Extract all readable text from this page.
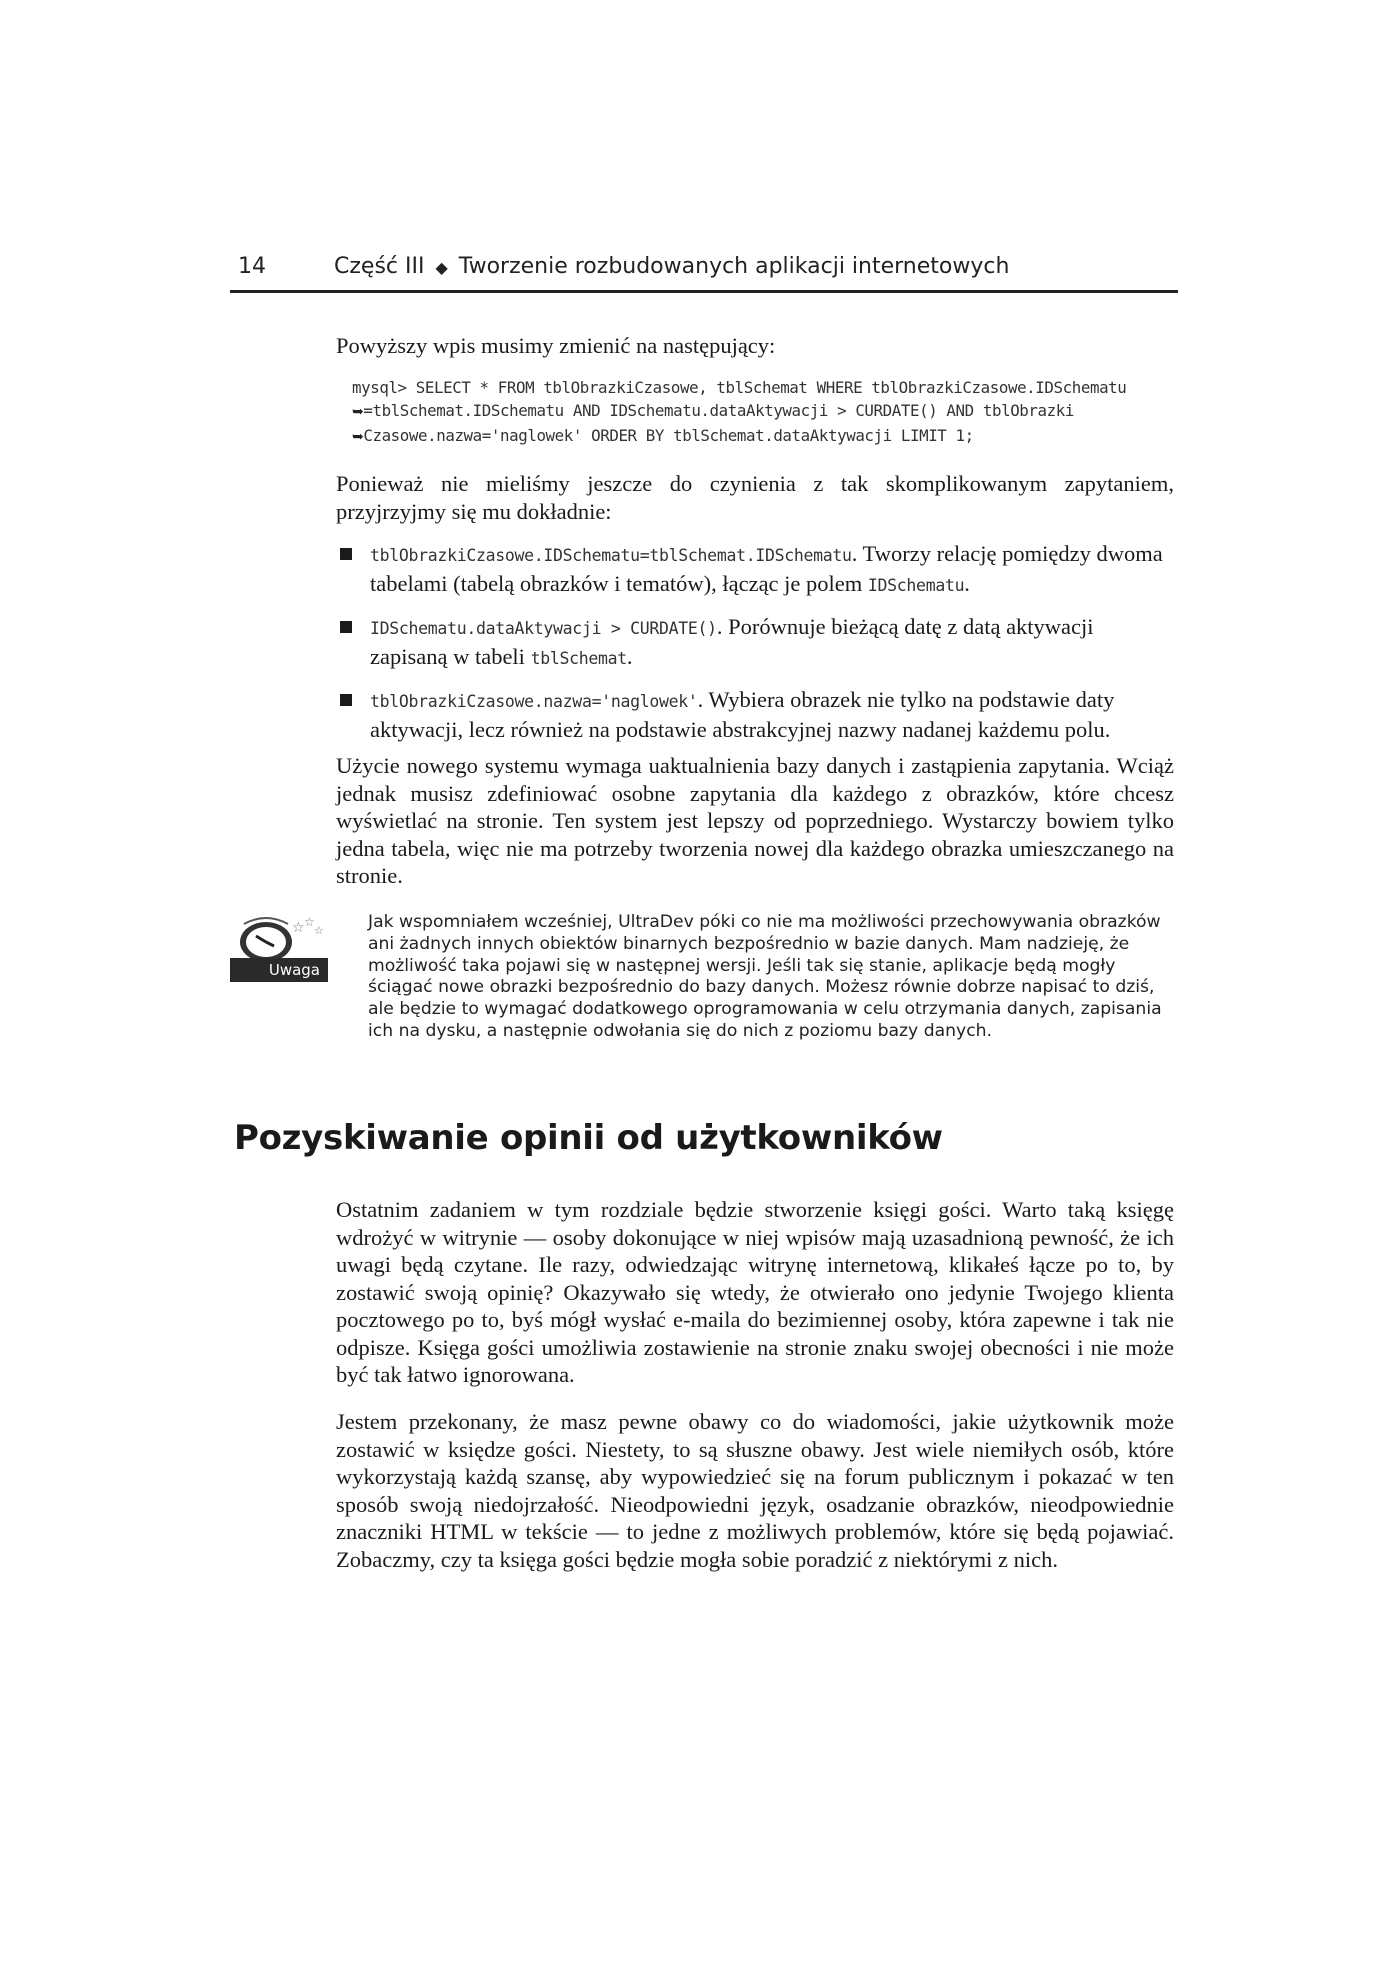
14	Część III ◆ Tworzenie rozbudowanych aplikacji internetowych

Powyższy wpis musimy zmienić na następujący:

mysql> SELECT * FROM tblObrazkiCzasowe, tblSchemat WHERE tblObrazkiCzasowe.IDSchematu
➥=tblSchemat.IDSchematu AND IDSchematu.dataAktywacji > CURDATE() AND tblObrazki
➥Czasowe.nazwa='naglowek' ORDER BY tblSchemat.dataAktywacji LIMIT 1;

Ponieważ nie mieliśmy jeszcze do czynienia z tak skomplikowanym zapytaniem, przyjrzyjmy się mu dokładnie:

tblObrazkiCzasowe.IDSchematu=tblSchemat.IDSchematu. Tworzy relację pomiędzy dwoma tabelami (tabelą obrazków i tematów), łącząc je polem IDSchematu.
IDSchematu.dataAktywacji > CURDATE(). Porównuje bieżącą datę z datą aktywacji zapisaną w tabeli tblSchemat.
tblObrazkiCzasowe.nazwa='naglowek'. Wybiera obrazek nie tylko na podstawie daty aktywacji, lecz również na podstawie abstrakcyjnej nazwy nadanej każdemu polu.

Użycie nowego systemu wymaga uaktualnienia bazy danych i zastąpienia zapytania. Wciąż jednak musisz zdefiniować osobne zapytania dla każdego z obrazków, które chcesz wyświetlać na stronie. Ten system jest lepszy od poprzedniego. Wystarczy bowiem tylko jedna tabela, więc nie ma potrzeby tworzenia nowej dla każdego obrazka umieszczanego na stronie.

☆ ☆
☆
Uwaga
Jak wspomniałem wcześniej, UltraDev póki co nie ma możliwości przechowywania obrazków ani żadnych innych obiektów binarnych bezpośrednio w bazie danych. Mam nadzieję, że możliwość taka pojawi się w następnej wersji. Jeśli tak się stanie, aplikacje będą mogły ściągać nowe obrazki bezpośrednio do bazy danych. Możesz równie dobrze napisać to dziś, ale będzie to wymagać dodatkowego oprogramowania w celu otrzymania danych, zapisania ich na dysku, a następnie odwołania się do nich z poziomu bazy danych.
Pozyskiwanie opinii od użytkowników

Ostatnim zadaniem w tym rozdziale będzie stworzenie księgi gości. Warto taką księgę wdrożyć w witrynie — osoby dokonujące w niej wpisów mają uzasadnioną pewność, że ich uwagi będą czytane. Ile razy, odwiedzając witrynę internetową, klikałeś łącze po to, by zostawić swoją opinię? Okazywało się wtedy, że otwierało ono jedynie Twojego klienta pocztowego po to, byś mógł wysłać e-maila do bezimiennej osoby, która zapewne i tak nie odpisze. Księga gości umożliwia zostawienie na stronie znaku swojej obecności i nie może być tak łatwo ignorowana.

Jestem przekonany, że masz pewne obawy co do wiadomości, jakie użytkownik może zostawić w księdze gości. Niestety, to są słuszne obawy. Jest wiele niemiłych osób, które wykorzystają każdą szansę, aby wypowiedzieć się na forum publicznym i pokazać w ten sposób swoją niedojrzałość. Nieodpowiedni język, osadzanie obrazków, nieodpowiednie znaczniki HTML w tekście — to jedne z możliwych problemów, które się będą pojawiać. Zobaczmy, czy ta księga gości będzie mogła sobie poradzić z niektórymi z nich.
